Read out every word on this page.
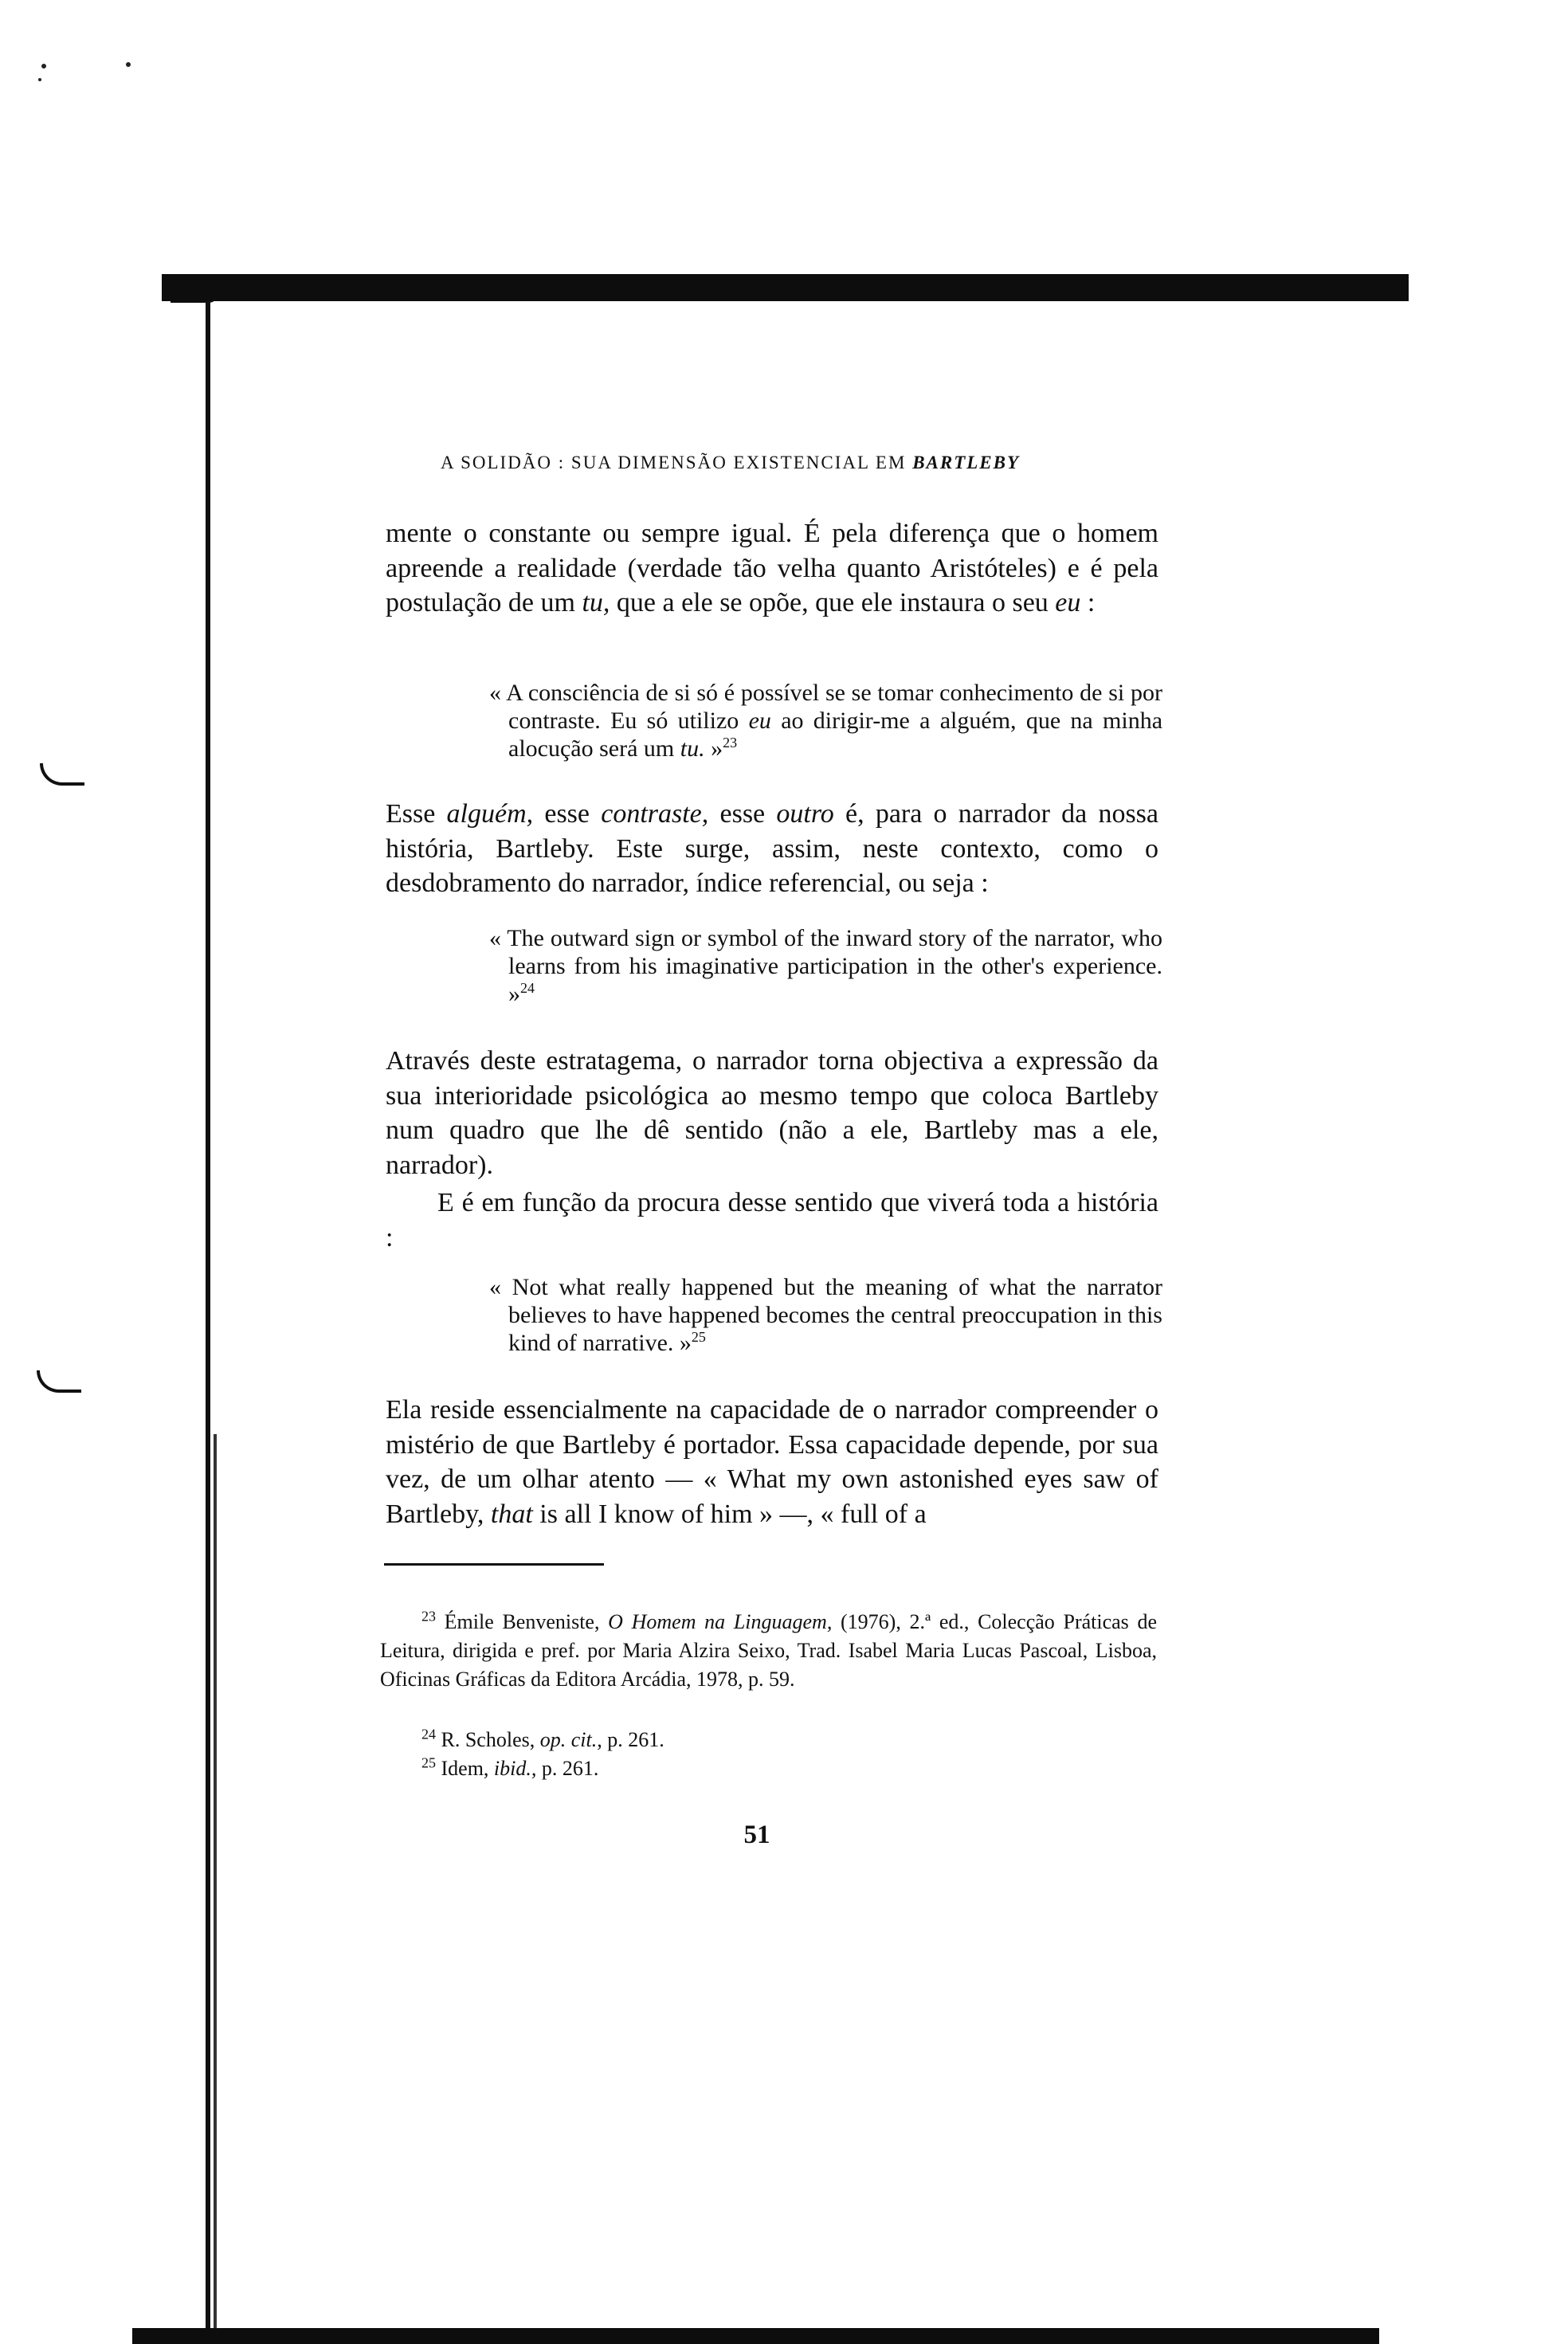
A SOLIDÃO : SUA DIMENSÃO EXISTENCIAL EM BARTLEBY

mente o constante ou sempre igual. É pela diferença que o homem apreende a realidade (verdade tão velha quanto Aristóteles) e é pela postulação de um tu, que a ele se opõe, que ele instaura o seu eu :

« A consciência de si só é possível se se tomar conhecimento de si por contraste. Eu só utilizo eu ao dirigir-me a alguém, que na minha alocução será um tu. »$^{23}$

Esse alguém, esse contraste, esse outro é, para o narrador da nossa história, Bartleby. Este surge, assim, neste contexto, como o desdobramento do narrador, índice referencial, ou seja :

« The outward sign or symbol of the inward story of the narrator, who learns from his imaginative participation in the other's experience. »$^{24}$

Através deste estratagema, o narrador torna objectiva a expressão da sua interioridade psicológica ao mesmo tempo que coloca Bartleby num quadro que lhe dê sentido (não a ele, Bartleby mas a ele, narrador).

E é em função da procura desse sentido que viverá toda a história :

« Not what really happened but the meaning of what the narrator believes to have happened becomes the central preoccupation in this kind of narrative. »$^{25}$

Ela reside essencialmente na capacidade de o narrador compreender o mistério de que Bartleby é portador. Essa capacidade depende, por sua vez, de um olhar atento — « What my own astonished eyes saw of Bartleby, that is all I know of him » —, « full of a

$^{23}$ Émile Benveniste, O Homem na Linguagem, (1976), 2.ª ed., Colecção Práticas de Leitura, dirigida e pref. por Maria Alzira Seixo, Trad. Isabel Maria Lucas Pascoal, Lisboa, Oficinas Gráficas da Editora Arcádia, 1978, p. 59.

$^{24}$ R. Scholes, op. cit., p. 261.

$^{25}$ Idem, ibid., p. 261.

51
